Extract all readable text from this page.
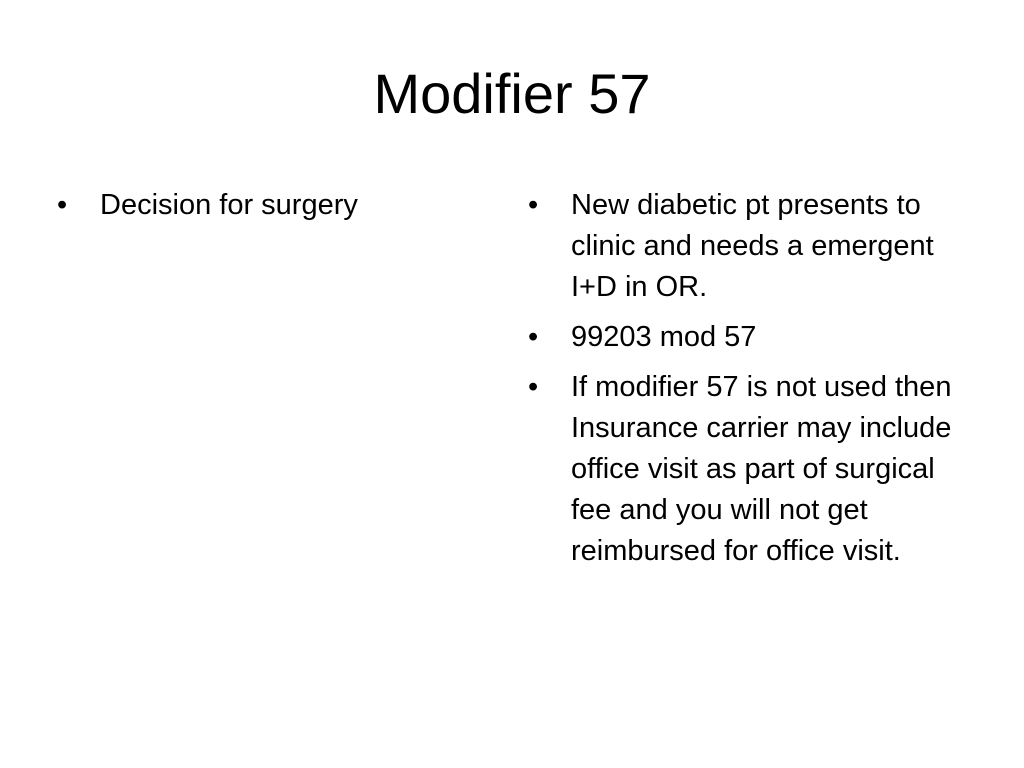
Modifier 57
•	Decision for surgery	•	New diabetic pt presents to clinic and needs a emergent I+D in OR.
•	99203 mod 57
•	If modifier 57 is not used then Insurance carrier may include office visit as part of surgical fee and you will not get reimbursed for office visit.
